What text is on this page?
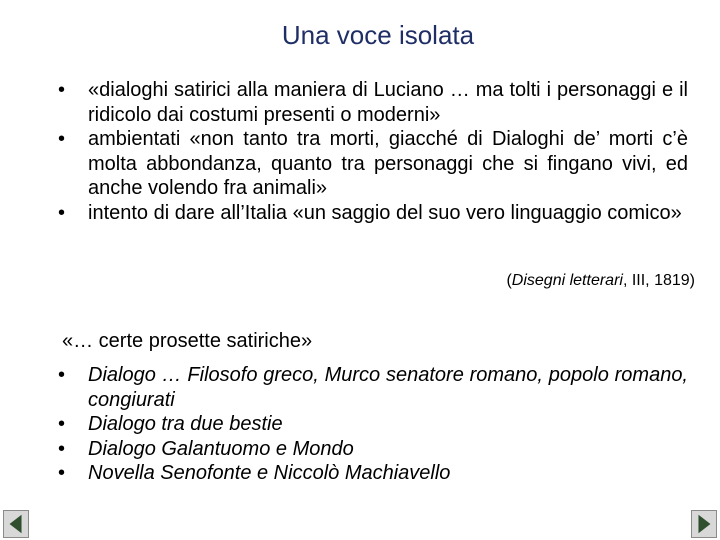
Una voce isolata
• «dialoghi satirici alla maniera di Luciano … ma tolti i personaggi e il ridicolo dai costumi presenti o moderni»
• ambientati «non tanto tra morti, giacché di Dialoghi de’ morti c’è molta abbondanza, quanto tra personaggi che si fingano vivi, ed anche volendo fra animali»
• intento di dare all’Italia «un saggio del suo vero linguaggio comico»
(Disegni letterari, III, 1819)
«… certe prosette satiriche»
• Dialogo … Filosofo greco, Murco senatore romano, popolo romano, congiurati
• Dialogo tra due bestie
• Dialogo Galantuomo e Mondo
• Novella Senofonte e Niccolò Machiavello
